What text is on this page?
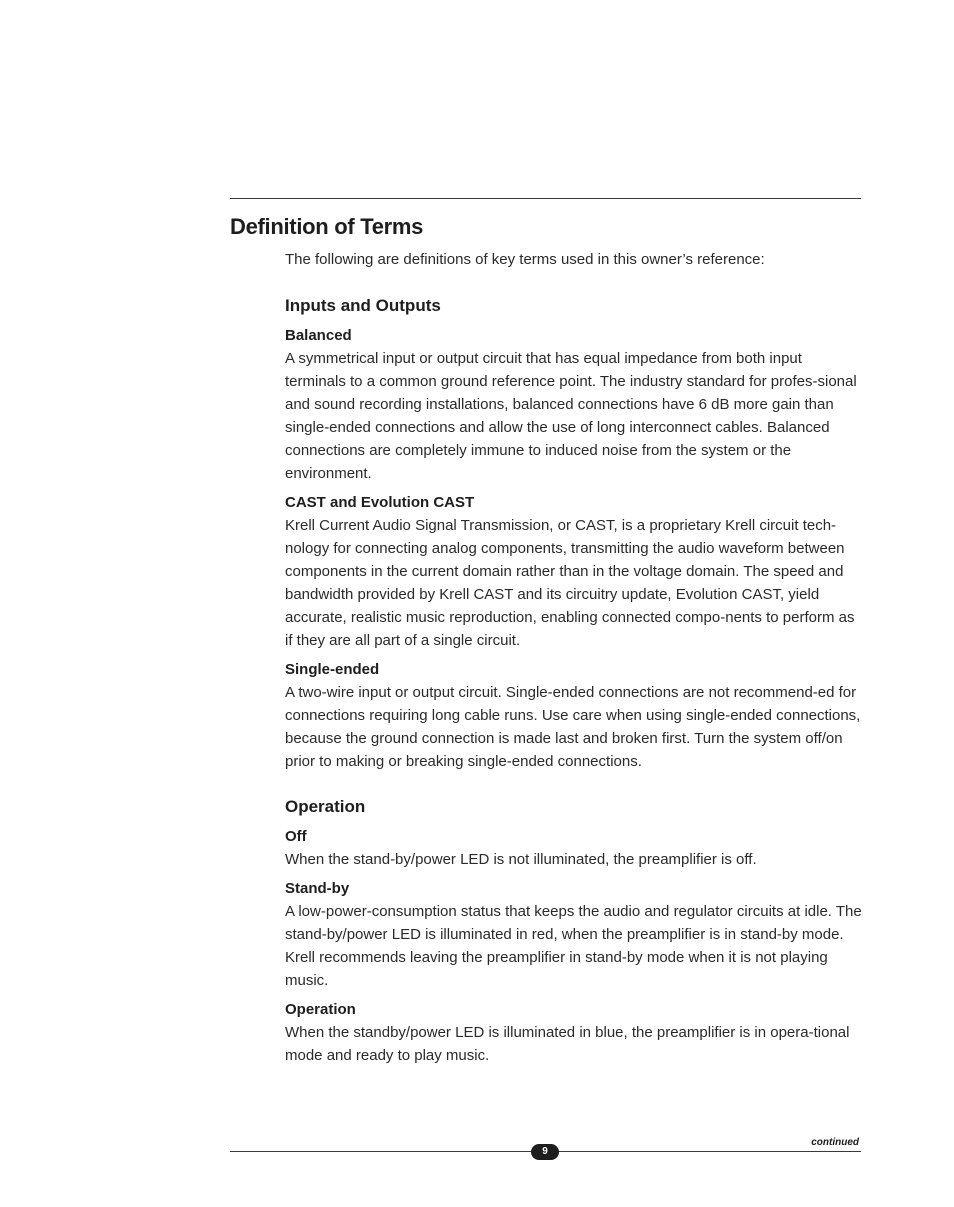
Definition of Terms

The following are definitions of key terms used in this owner’s reference:

Inputs and Outputs
Balanced

A symmetrical input or output circuit that has equal impedance from both input terminals to a common ground reference point. The industry standard for profes-sional and sound recording installations, balanced connections have 6 dB more gain than single-ended connections and allow the use of long interconnect cables. Balanced connections are completely immune to induced noise from the system or the environment.

CAST and Evolution CAST

Krell Current Audio Signal Transmission, or CAST, is a proprietary Krell circuit tech-nology for connecting analog components, transmitting the audio waveform between components in the current domain rather than in the voltage domain. The speed and bandwidth provided by Krell CAST and its circuitry update, Evolution CAST, yield accurate, realistic music reproduction, enabling connected compo-nents to perform as if they are all part of a single circuit.

Single-ended

A two-wire input or output circuit. Single-ended connections are not recommend-ed for connections requiring long cable runs. Use care when using single-ended connections, because the ground connection is made last and broken first. Turn the system off/on prior to making or breaking single-ended connections.

Operation
Off

When the stand-by/power LED is not illuminated, the preamplifier is off.

Stand-by

A low-power-consumption status that keeps the audio and regulator circuits at idle. The stand-by/power LED is illuminated in red, when the preamplifier is in stand-by mode. Krell recommends leaving the preamplifier in stand-by mode when it is not playing music.

Operation

When the standby/power LED is illuminated in blue, the preamplifier is in opera-tional mode and ready to play music.

continued
9
